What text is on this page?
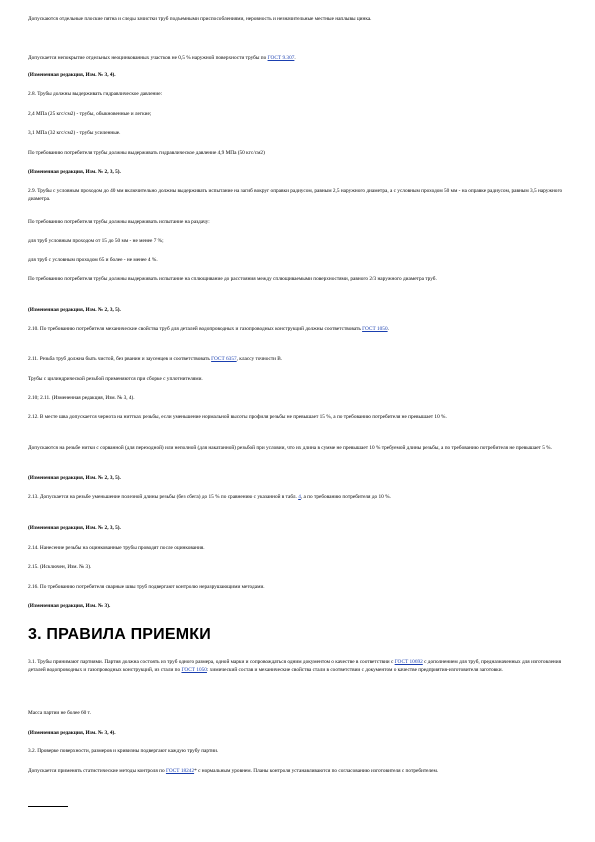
Допускаются отдельные плоские пятна и следы зачистки труб подъемными приспособлениями, неровность и незначительные местные наплывы цинка.
Допускается непокрытие отдельных неоцинкованных участков не 0,5 % наружной поверхности трубы по ГОСТ 9.307.
(Измененная редакция, Изм. № 3, 4).
2.8. Трубы должны выдерживать гидравлическое давление:
2,4 МПа (25 кгс/см2) - трубы, обыкновенные и легкие;
3,1 МПа (32 кгс/см2) - трубы усиленные.
По требованию потребителя трубы должны выдерживать гидравлическое давление 4,9 МПа (50 кгс/см2)
(Измененная редакция, Изм. № 2, 3, 5).
2.9. Трубы с условным проходом до 40 мм включительно должны выдерживать испытание на загиб вокруг оправки радиусом, равным 2,5 наружного диаметра, а с условным проходом 50 мм - на оправке радиусом, равным 3,5 наружного диаметра.
По требованию потребителя трубы должны выдерживать испытание на раздачу:
для труб условным проходом от 15 до 50 мм - не менее 7 %;
для труб с условным проходом 65 и более - не менее 4 %.
По требованию потребителя трубы должны выдерживать испытание на сплющивание до расстояния между сплющиваемыми поверхностями, равного 2/3 наружного диаметра труб.
(Измененная редакция, Изм. № 2, 3, 5).
2.10. По требованию потребителя механические свойства труб для деталей водопроводных и газопроводных конструкций должны соответствовать ГОСТ 1050.
2.11. Резьба труб должна быть чистой, без рванин и заусенцев и соответствовать ГОСТ 6357, классу точности В.
Трубы с цилиндрической резьбой применяются при сборке с уплотнителями.
2.10; 2.11. (Измененная редакция, Изм. № 3, 4).
2.12. В месте шва допускается чернота на ниттках резьбы, если уменьшение нормальной высоты профиля резьбы не превышает 15 %, а по требованию потребителя не превышает 10 %.
Допускаются на резьбе нитки с сорванной (для переходной) или неполной (для накатанной) резьбой при условии, что их длина в сумме не превышает 10 % требуемой длины резьбы, а по требованию потребителя не превышает 5 %.
(Измененная редакция, Изм. № 2, 3, 5).
2.13. Допускается на резьбе уменьшение полезной длины резьбы (без сбега) до 15 % по сравнению с указанной в табл. 4, а по требованию потребителя до 10 %.
(Измененная редакция, Изм. № 2, 3, 5).
2.14. Нанесение резьбы на оцинкованные трубы проводят после оцинкования.
2.15. (Исключен, Изм. № 3).
2.16. По требованию потребителя сварные швы труб подвергают контролю неразрушающими методами.
(Измененная редакция, Изм. № 3).
3. ПРАВИЛА ПРИЕМКИ
3.1. Трубы принимают партиями. Партия должна состоять из труб одного размера, одной марки и сопровождаться одним документом о качестве в соответствии с ГОСТ 10692 с дополнением для труб, предназначенных для изготовления деталей водопроводных и газопроводных конструкций, из стали по ГОСТ 1050: химический состав и механические свойства стали в соответствии с документом о качестве предприятия-изготовителя заготовки.
Масса партии не более 60 т.
(Измененная редакция, Изм. № 3, 4).
3.2. Проверке поверхности, размеров и кривизны подвергают каждую трубу партии.
Допускается применять статистические методы контроля по ГОСТ 18242* с нормальным уровнем. Планы контроля устанавливаются по согласованию изготовителя с потребителем.
